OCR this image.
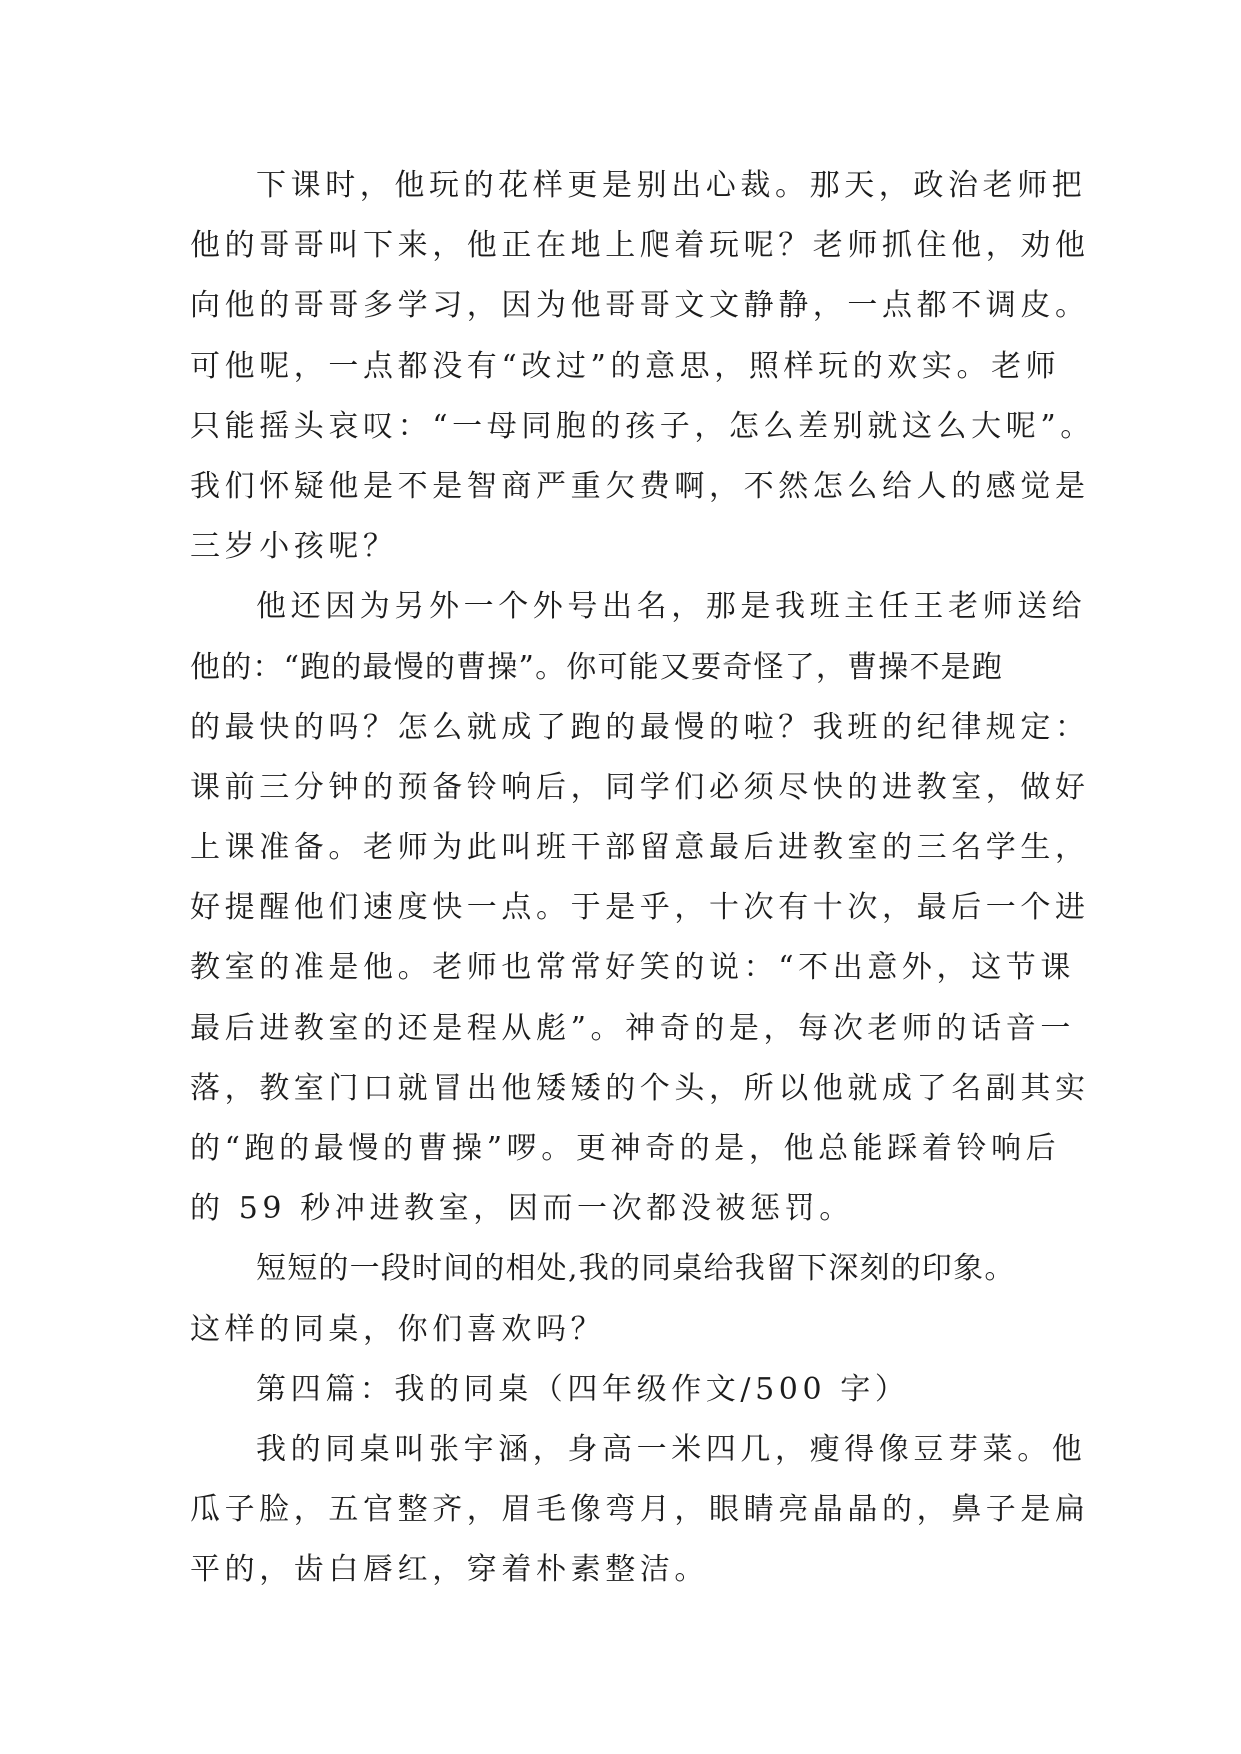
下课时，他玩的花样更是别出心裁。那天，政治老师把
他的哥哥叫下来，他正在地上爬着玩呢？老师抓住他，劝他
向他的哥哥多学习，因为他哥哥文文静静，一点都不调皮。
可他呢，一点都没有“改过”的意思，照样玩的欢实。老师
只能摇头哀叹：“一母同胞的孩子，怎么差别就这么大呢”。
我们怀疑他是不是智商严重欠费啊，不然怎么给人的感觉是
三岁小孩呢？
他还因为另外一个外号出名，那是我班主任王老师送给
他的：“跑的最慢的曹操”。你可能又要奇怪了，曹操不是跑
的最快的吗？怎么就成了跑的最慢的啦？我班的纪律规定：
课前三分钟的预备铃响后，同学们必须尽快的进教室，做好
上课准备。老师为此叫班干部留意最后进教室的三名学生，
好提醒他们速度快一点。于是乎，十次有十次，最后一个进
教室的准是他。老师也常常好笑的说：“不出意外，这节课
最后进教室的还是程从彪”。神奇的是，每次老师的话音一
落，教室门口就冒出他矮矮的个头，所以他就成了名副其实
的“跑的最慢的曹操”啰。更神奇的是，他总能踩着铃响后
的 59 秒冲进教室，因而一次都没被惩罚。
短短的一段时间的相处,我的同桌给我留下深刻的印象。
这样的同桌，你们喜欢吗？
第四篇：我的同桌（四年级作文/500 字）
我的同桌叫张宇涵，身高一米四几，瘦得像豆芽菜。他
瓜子脸，五官整齐，眉毛像弯月，眼睛亮晶晶的，鼻子是扁
平的，齿白唇红，穿着朴素整洁。
